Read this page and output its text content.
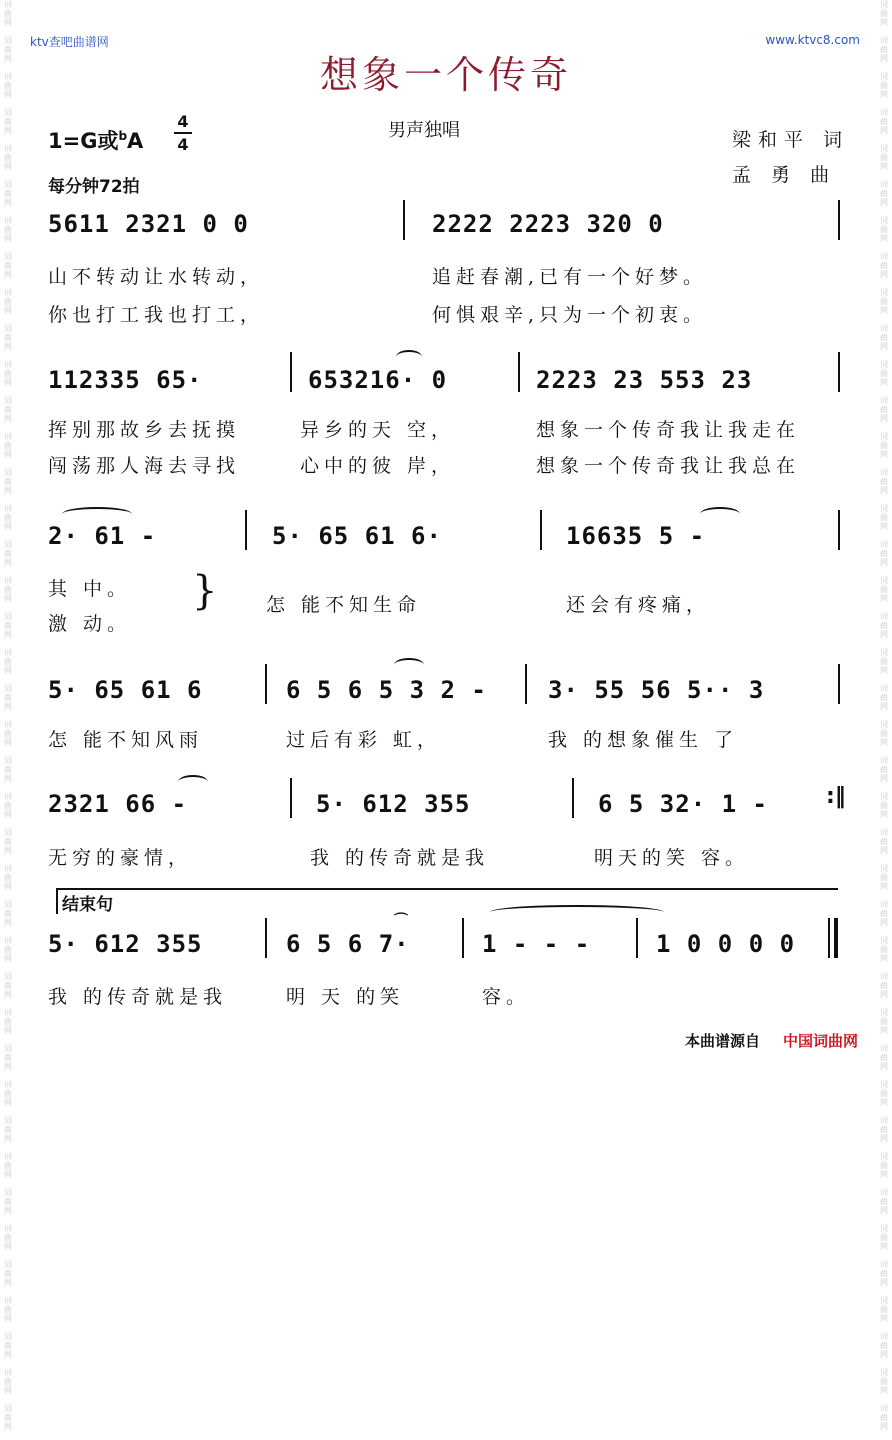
词
曲
网

词
曲
网

词
曲
网

词
曲
网

词
曲
网

词
曲
网

词
曲
网

词
曲
网

词
曲
网

词
曲
网

词
曲
网

词
曲
网

词
曲
网

词
曲
网

词
曲
网

词
曲
网

词
曲
网

词
曲
网

词
曲
网

词
曲
网

词
曲
网

词
曲
网

词
曲
网

词
曲
网

词
曲
网

词
曲
网

词
曲
网

词
曲
网

词
曲
网

词
曲
网

词
曲
网

词
曲
网

词
曲
网

词
曲
网

词
曲
网

词
曲
网

词
曲
网

词
曲
网

词
曲
网

词
曲
网

词
曲
网

词
曲
网

词
曲
网

词
曲
网

词
曲
网

词
曲
网

词
曲
网

词
曲
网

词
曲
网

词
曲
网

词
曲
网

词
曲
网

词
曲
网

词
曲
网

词
曲
网

词
曲
网

词
曲
网

词
曲
网

词
曲
网

词
曲
网

词
曲
网

词
曲
网

词
曲
网

词
曲
网

词
曲
网

词
曲
网

词
曲
网

词
曲
网

词
曲
网

词
曲
网

词
曲
网

词
曲
网

词
曲
网

词
曲
网

词
曲
网

词
曲
网

词
曲
网

词
曲
网

词
曲
网

词
曲
网

ktv查吧曲谱网	www.ktvc8.com
想象一个传奇
男声独唱
1=G或$^b$A
4
4
每分钟72拍
梁和平 词
孟 勇 曲
5611 2321 0 0	2222 2223 320 0
山不转动让水转动，	追赶春潮,已有一个好梦。
你也打工我也打工，	何惧艰辛,只为一个初衷。
112335 65·	653216· 0	2223 23 553 23
挥别那故乡去抚摸	异乡的天 空，	想象一个传奇我让我走在
闯荡那人海去寻找	心中的彼 岸，	想象一个传奇我让我总在
2· 61 -	5· 65 61 6·	16635 5 -
其 中。
激 动。
}	怎 能不知生命	还会有疼痛，
5· 65 61 6	6 5 6 5 3 2 -	3· 55 56 5·· 3
怎 能不知风雨	过后有彩 虹，	我 的想象催生 了
2321 66 -	5· 612 355	6 5 32· 1 -	:‖
无穷的豪情，	我 的传奇就是我	明天的笑 容。
结束句
5· 612 355	6 5 6 7·
⌒
1 - - -	1 0 0 0 0
我 的传奇就是我	明 天 的笑	容。
本曲谱源自 中国词曲网
